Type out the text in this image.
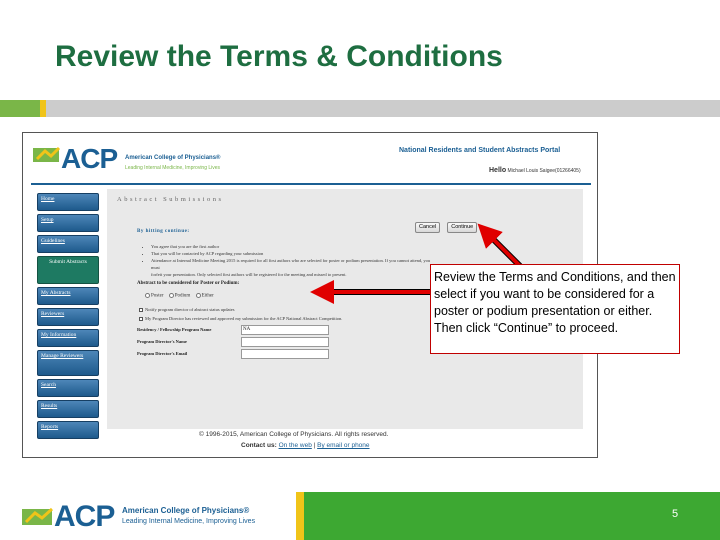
Review the Terms & Conditions
ACP American College of Physicians®
Leading Internal Medicine, Improving Lives
National Residents and Student Abstracts Portal
Hello Michael Louis Saigee(01266405)
Home
Setup
Guidelines
Submit Abstracts
My Abstracts
Reviewers
My Information
Manage Reviewers
Search
Results
Reports
Abstract Submissions
Cancel	Continue
By hitting continue:
• You agree that you are the first author
• That you will be contacted by ACP regarding your submission
• Attendance at Internal Medicine Meeting 2015 is required for all first authors who are selected for poster or podium presentation. If you cannot attend, you must
forfeit your presentation. Only selected first authors will be registered for the meeting and missed to present.
Abstract to be considered for Poster or Podium:
Poster Podium Either
Notify program director of abstract status updates
My Program Director has reviewed and approved my submission for the ACP National Abstract Competition.
Residency / Fellowship Program Name	NA
Program Director's Name
Program Director's Email
© 1996-2015, American College of Physicians. All rights reserved.
Contact us: On the web | By email or phone
Review the Terms and Conditions, and then select if you want to be considered for a poster or podium presentation or either. Then click “Continue” to proceed.
ACP American College of Physicians®
Leading Internal Medicine, Improving Lives
5
